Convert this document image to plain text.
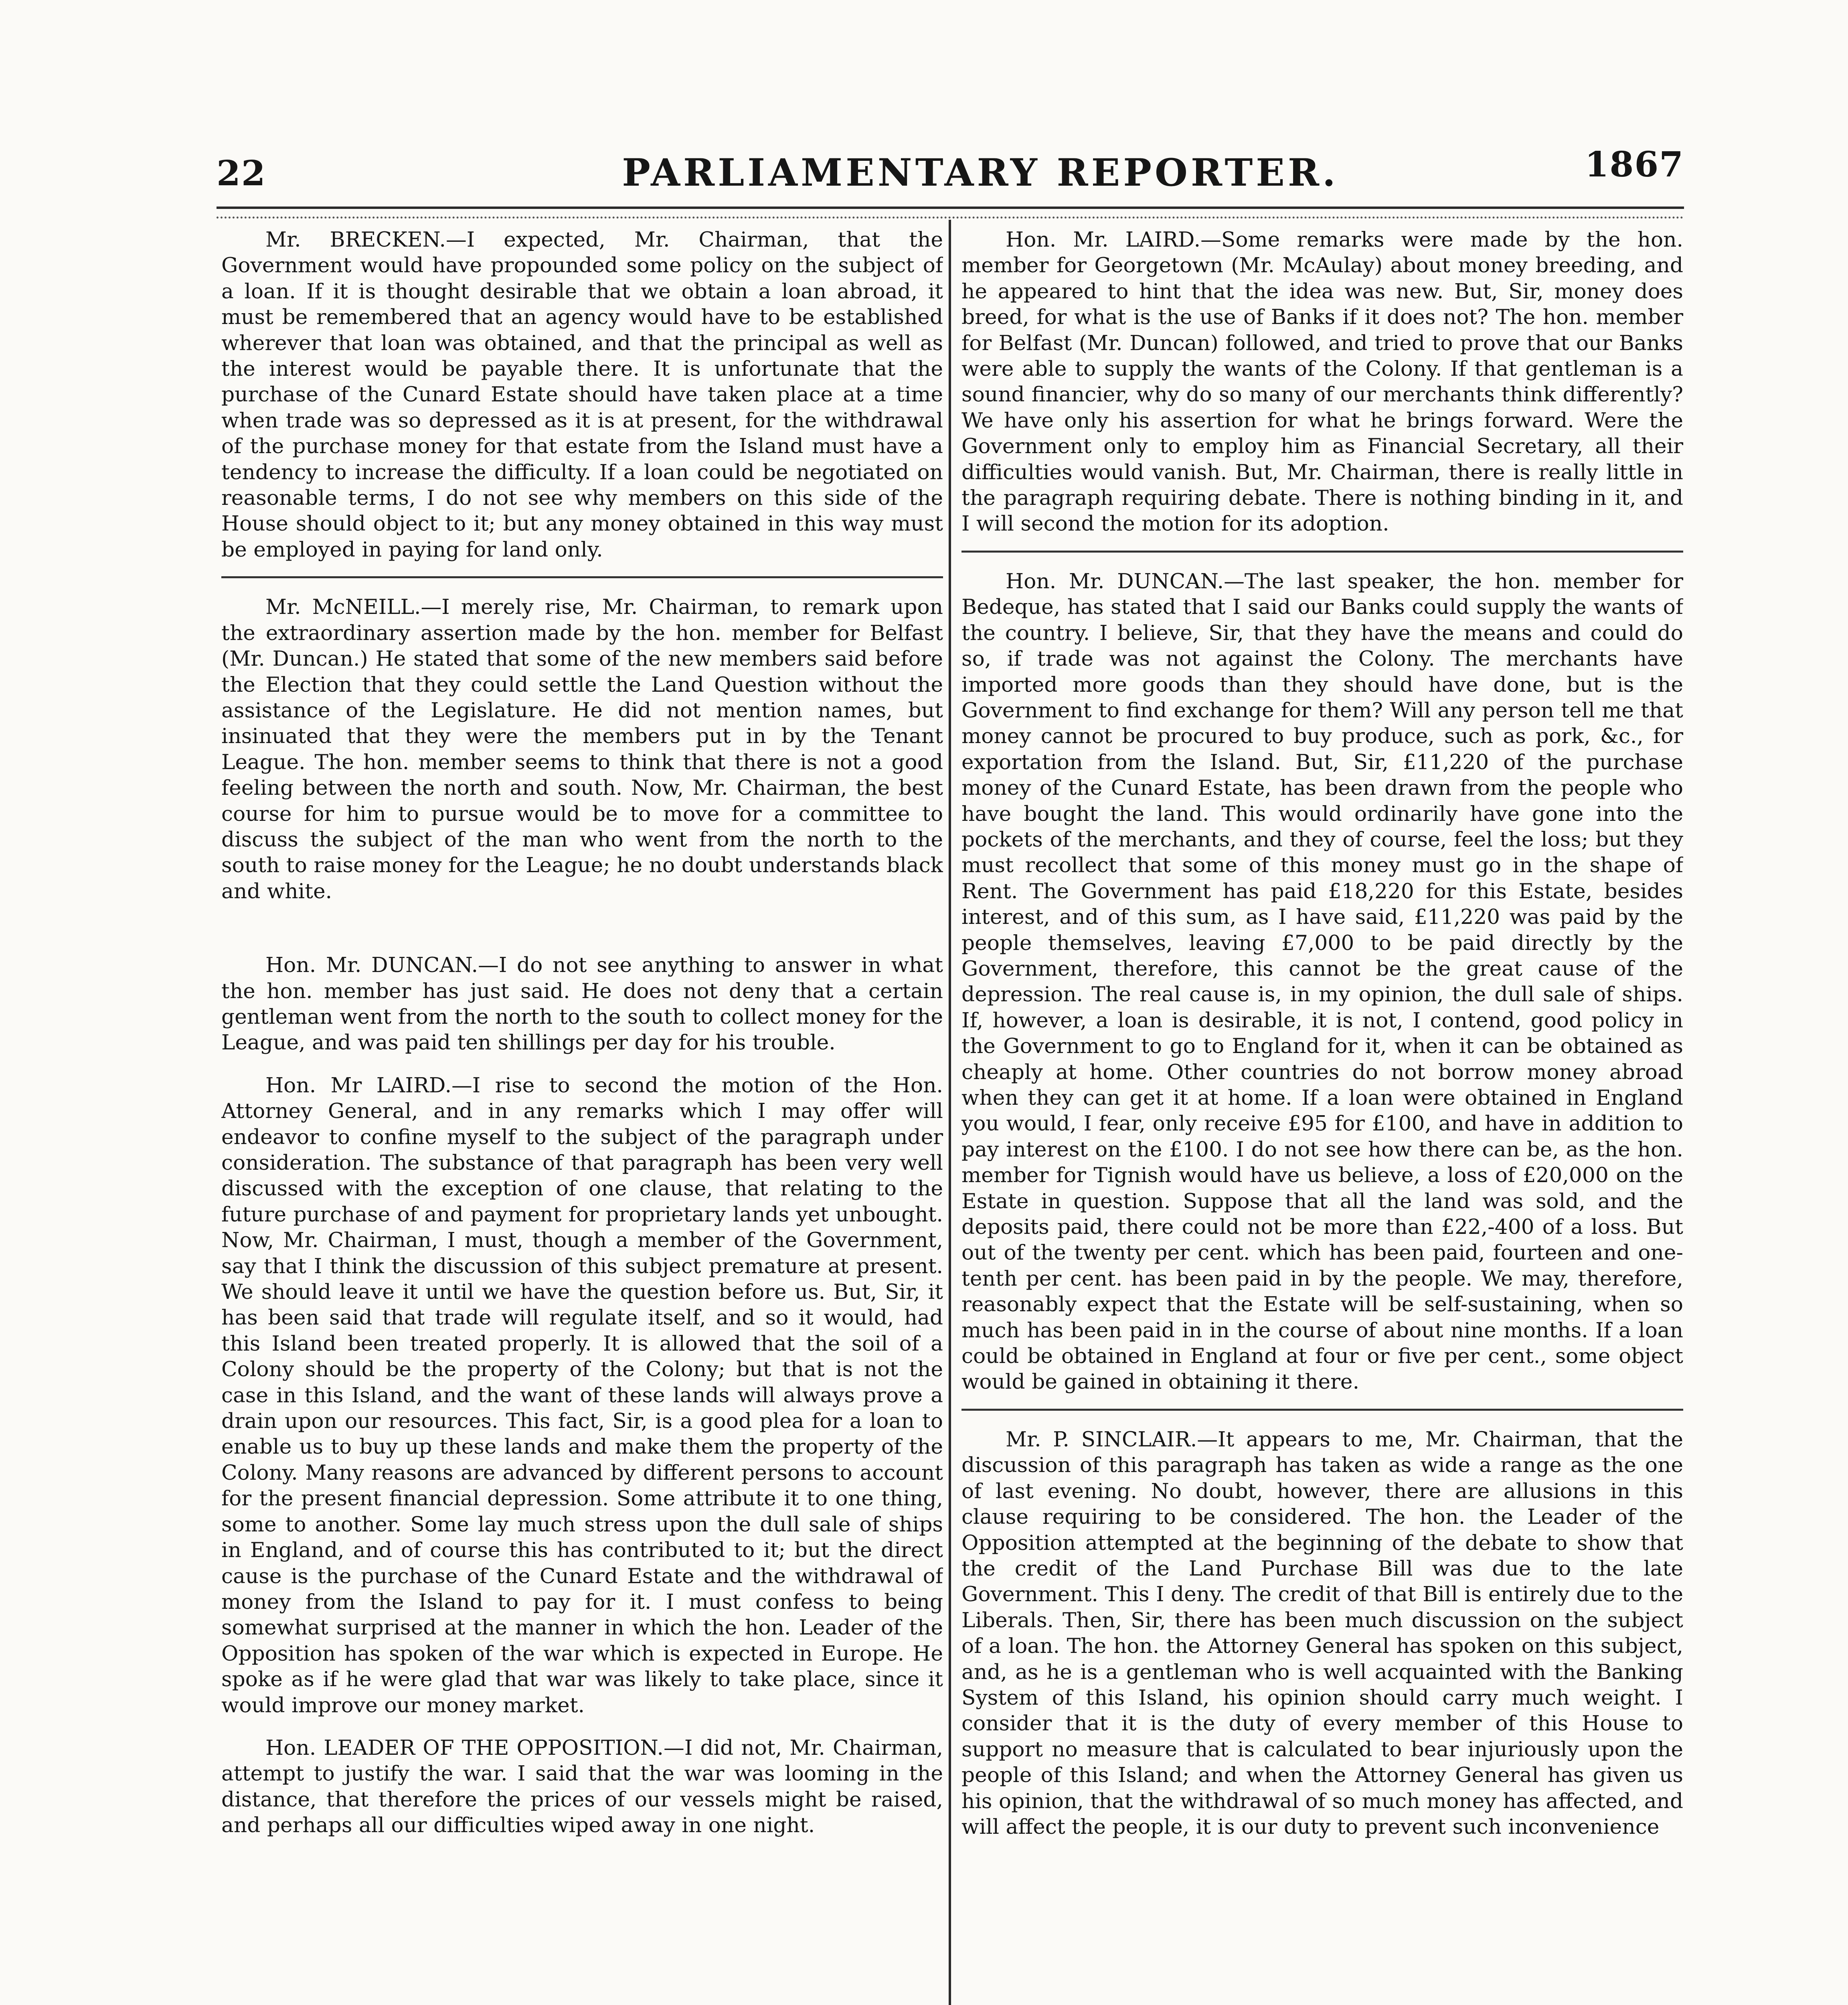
22	PARLIAMENTARY REPORTER.	1867

Mr. BRECKEN.—I expected, Mr. Chairman, that the Government would have propounded some policy on the subject of a loan. If it is thought desirable that we obtain a loan abroad, it must be remembered that an agency would have to be established wherever that loan was obtained, and that the principal as well as the interest would be payable there. It is unfortunate that the purchase of the Cunard Estate should have taken place at a time when trade was so depressed as it is at present, for the withdrawal of the purchase money for that estate from the Island must have a tendency to increase the difficulty. If a loan could be negotiated on reasonable terms, I do not see why members on this side of the House should object to it; but any money obtained in this way must be employed in paying for land only.

Mr. McNEILL.—I merely rise, Mr. Chairman, to remark upon the extraordinary assertion made by the hon. member for Belfast (Mr. Duncan.) He stated that some of the new members said before the Election that they could settle the Land Question without the assistance of the Legislature. He did not mention names, but insinuated that they were the members put in by the Tenant League. The hon. member seems to think that there is not a good feeling between the north and south. Now, Mr. Chairman, the best course for him to pursue would be to move for a committee to discuss the subject of the man who went from the north to the south to raise money for the League; he no doubt understands black and white.

Hon. Mr. DUNCAN.—I do not see anything to answer in what the hon. member has just said. He does not deny that a certain gentleman went from the north to the south to collect money for the League, and was paid ten shillings per day for his trouble.

Hon. Mr LAIRD.—I rise to second the motion of the Hon. Attorney General, and in any remarks which I may offer will endeavor to confine myself to the subject of the paragraph under consideration. The substance of that paragraph has been very well discussed with the exception of one clause, that relating to the future purchase of and payment for proprietary lands yet unbought. Now, Mr. Chairman, I must, though a member of the Government, say that I think the discussion of this subject premature at present. We should leave it until we have the question before us. But, Sir, it has been said that trade will regulate itself, and so it would, had this Island been treated properly. It is allowed that the soil of a Colony should be the property of the Colony; but that is not the case in this Island, and the want of these lands will always prove a drain upon our resources. This fact, Sir, is a good plea for a loan to enable us to buy up these lands and make them the property of the Colony. Many reasons are advanced by different persons to account for the present financial depression. Some attribute it to one thing, some to another. Some lay much stress upon the dull sale of ships in England, and of course this has contributed to it; but the direct cause is the purchase of the Cunard Estate and the withdrawal of money from the Island to pay for it. I must confess to being somewhat surprised at the manner in which the hon. Leader of the Opposition has spoken of the war which is expected in Europe. He spoke as if he were glad that war was likely to take place, since it would improve our money market.

Hon. LEADER OF THE OPPOSITION.—I did not, Mr. Chairman, attempt to justify the war. I said that the war was looming in the distance, that therefore the prices of our vessels might be raised, and perhaps all our difficulties wiped away in one night.

Hon. Mr. LAIRD.—Some remarks were made by the hon. member for Georgetown (Mr. McAulay) about money breeding, and he appeared to hint that the idea was new. But, Sir, money does breed, for what is the use of Banks if it does not? The hon. member for Belfast (Mr. Duncan) followed, and tried to prove that our Banks were able to supply the wants of the Colony. If that gentleman is a sound financier, why do so many of our merchants think differently? We have only his assertion for what he brings forward. Were the Government only to employ him as Financial Secretary, all their difficulties would vanish. But, Mr. Chairman, there is really little in the paragraph requiring debate. There is nothing binding in it, and I will second the motion for its adoption.

Hon. Mr. DUNCAN.—The last speaker, the hon. member for Bedeque, has stated that I said our Banks could supply the wants of the country. I believe, Sir, that they have the means and could do so, if trade was not against the Colony. The merchants have imported more goods than they should have done, but is the Government to find exchange for them? Will any person tell me that money cannot be procured to buy produce, such as pork, &c., for exportation from the Island. But, Sir, £11,220 of the purchase money of the Cunard Estate, has been drawn from the people who have bought the land. This would ordinarily have gone into the pockets of the merchants, and they of course, feel the loss; but they must recollect that some of this money must go in the shape of Rent. The Government has paid £18,220 for this Estate, besides interest, and of this sum, as I have said, £11,220 was paid by the people themselves, leaving £7,000 to be paid directly by the Government, therefore, this cannot be the great cause of the depression. The real cause is, in my opinion, the dull sale of ships. If, however, a loan is desirable, it is not, I contend, good policy in the Government to go to England for it, when it can be obtained as cheaply at home. Other countries do not borrow money abroad when they can get it at home. If a loan were obtained in England you would, I fear, only receive £95 for £100, and have in addition to pay interest on the £100. I do not see how there can be, as the hon. member for Tignish would have us believe, a loss of £20,000 on the Estate in question. Suppose that all the land was sold, and the deposits paid, there could not be more than £22,-400 of a loss. But out of the twenty per cent. which has been paid, fourteen and one-tenth per cent. has been paid in by the people. We may, therefore, reasonably expect that the Estate will be self-sustaining, when so much has been paid in in the course of about nine months. If a loan could be obtained in England at four or five per cent., some object would be gained in obtaining it there.

Mr. P. SINCLAIR.—It appears to me, Mr. Chairman, that the discussion of this paragraph has taken as wide a range as the one of last evening. No doubt, however, there are allusions in this clause requiring to be considered. The hon. the Leader of the Opposition attempted at the beginning of the debate to show that the credit of the Land Purchase Bill was due to the late Government. This I deny. The credit of that Bill is entirely due to the Liberals. Then, Sir, there has been much discussion on the subject of a loan. The hon. the Attorney General has spoken on this subject, and, as he is a gentleman who is well acquainted with the Banking System of this Island, his opinion should carry much weight. I consider that it is the duty of every member of this House to support no measure that is calculated to bear injuriously upon the people of this Island; and when the Attorney General has given us his opinion, that the withdrawal of so much money has affected, and will affect the people, it is our duty to prevent such inconvenience
